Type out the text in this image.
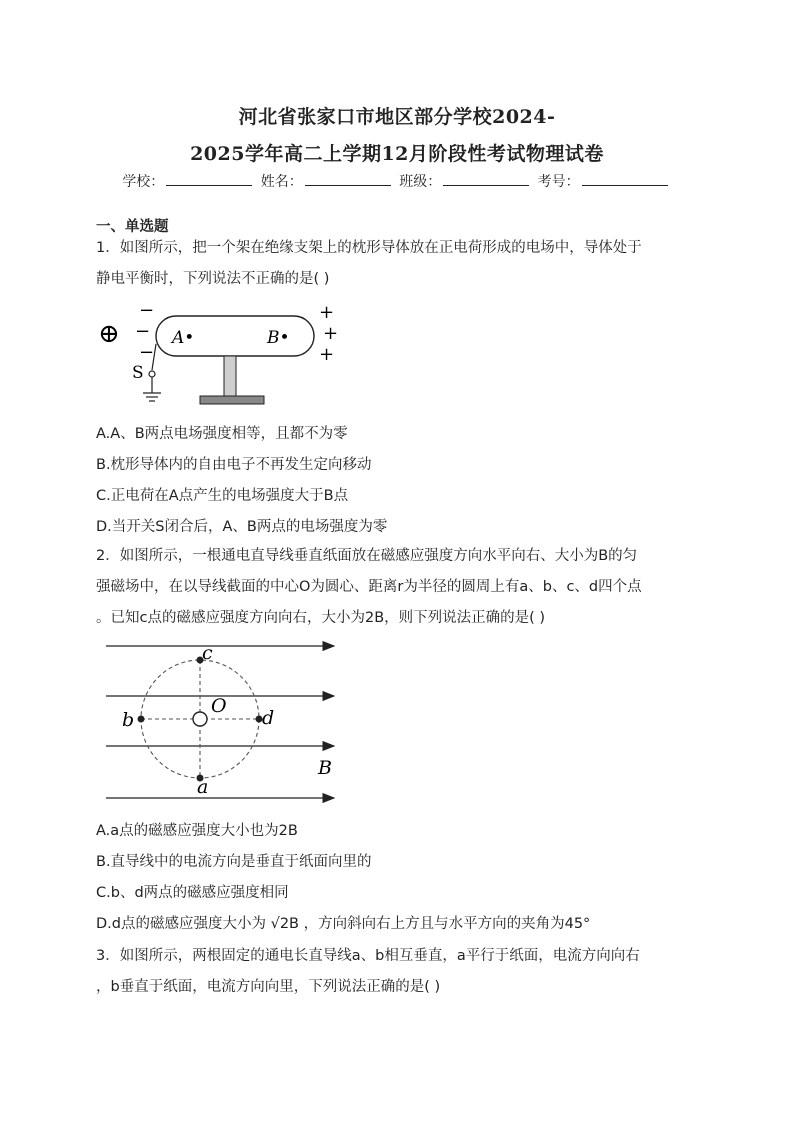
河北省张家口市地区部分学校2024-
2025学年高二上学期12月阶段性考试物理试卷
学校：	姓名：	班级：	考号：
一、单选题
1．如图所示，把一个架在绝缘支架上的枕形导体放在正电荷形成的电场中，导体处于
静电平衡时，下列说法不正确的是( )
⊕
−
−
−
A•	B•
+
+
+
S
A.A、B两点电场强度相等，且都不为零
B.枕形导体内的自由电子不再发生定向移动
C.正电荷在A点产生的电场强度大于B点
D.当开关S闭合后，A、B两点的电场强度为零
2．如图所示，一根通电直导线垂直纸面放在磁感应强度方向水平向右、大小为B的匀
强磁场中，在以导线截面的中心O为圆心、距离r为半径的圆周上有a、b、c、d四个点
。已知c点的磁感应强度方向向右，大小为2B，则下列说法正确的是( )
c
a
b	d
O
B
A.a点的磁感应强度大小也为2B
B.直导线中的电流方向是垂直于纸面向里的
C.b、d两点的磁感应强度相同
D.d点的磁感应强度大小为 √2B ，方向斜向右上方且与水平方向的夹角为45°
3．如图所示，两根固定的通电长直导线a、b相互垂直，a平行于纸面，电流方向向右
，b垂直于纸面，电流方向向里，下列说法正确的是( )
